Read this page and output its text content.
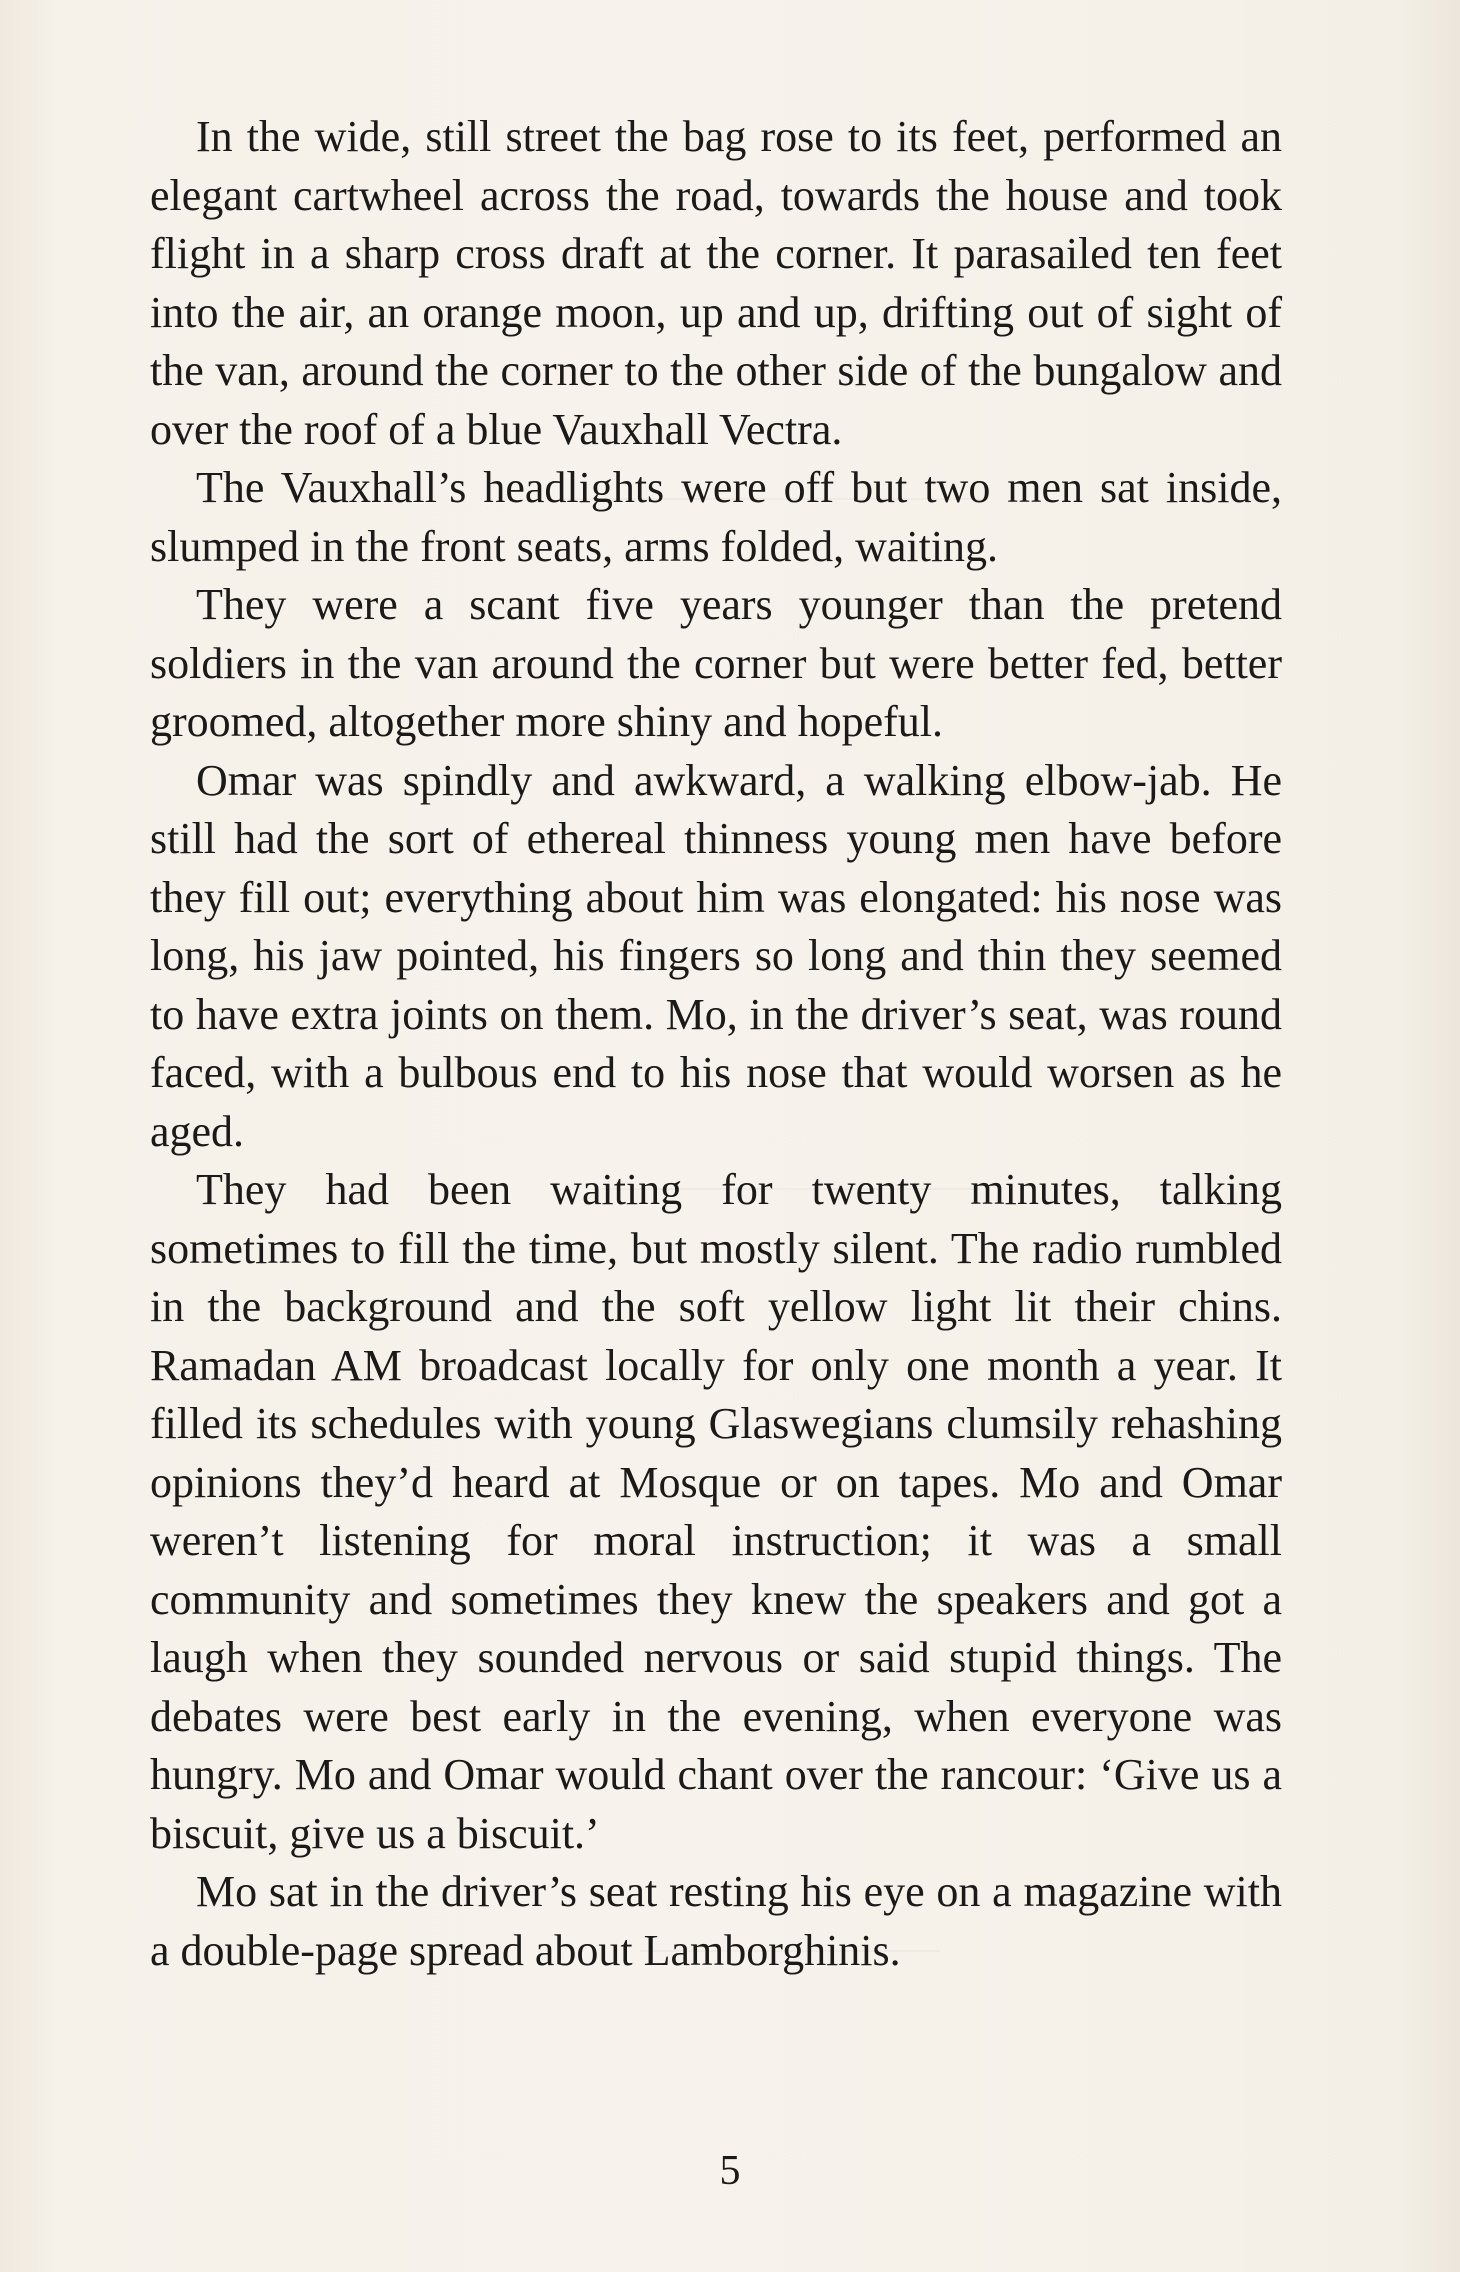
In the wide, still street the bag rose to its feet, performed an elegant cartwheel across the road, towards the house and took flight in a sharp cross draft at the corner. It parasailed ten feet into the air, an orange moon, up and up, drifting out of sight of the van, around the corner to the other side of the bungalow and over the roof of a blue Vauxhall Vectra.

The Vauxhall’s headlights were off but two men sat inside, slumped in the front seats, arms folded, waiting.

They were a scant five years younger than the pretend soldiers in the van around the corner but were better fed, better groomed, altogether more shiny and hopeful.

Omar was spindly and awkward, a walking elbow-jab. He still had the sort of ethereal thinness young men have before they fill out; everything about him was elongated: his nose was long, his jaw pointed, his fingers so long and thin they seemed to have extra joints on them. Mo, in the driver’s seat, was round faced, with a bulbous end to his nose that would worsen as he aged.

They had been waiting for twenty minutes, talking sometimes to fill the time, but mostly silent. The radio rumbled in the background and the soft yellow light lit their chins. Ramadan AM broadcast locally for only one month a year. It filled its schedules with young Glaswegians clumsily rehashing opinions they’d heard at Mosque or on tapes. Mo and Omar weren’t listening for moral instruction; it was a small community and sometimes they knew the speakers and got a laugh when they sounded nervous or said stupid things. The debates were best early in the evening, when everyone was hungry. Mo and Omar would chant over the rancour: ‘Give us a biscuit, give us a biscuit.’

Mo sat in the driver’s seat resting his eye on a magazine with a double-page spread about Lamborghinis.

5
